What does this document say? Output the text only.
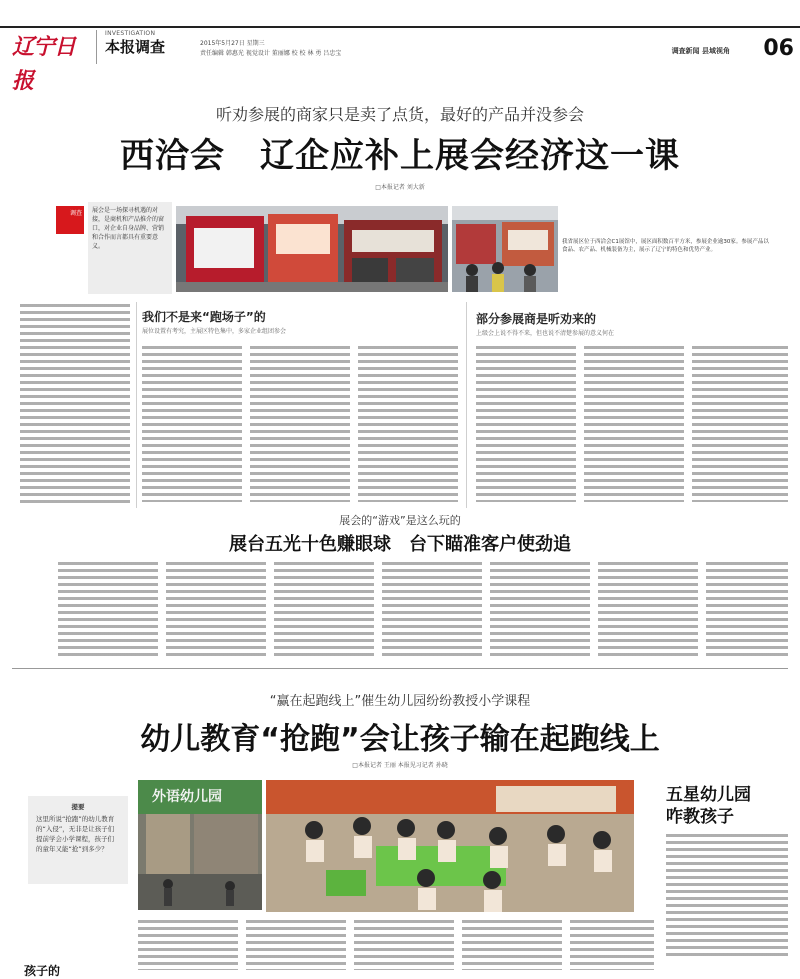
辽宁日报
INVESTIGATION
本报调查	2015年5月27日 星期三
责任编辑 韩惠光 视觉设计 董丽娜 校 校 林 勇 吕忠宝	调查新闻 县域视角 06
听劝参展的商家只是卖了点货，最好的产品并没参会
西洽会　辽企应补上展会经济这一课
□本报记者 刘大新
调查	展会是一场探寻机遇的对接，是商机和产品推介的窗口，对企业自身品牌、营销和合作而言都具有重要意义。
我省展区位于西洽会C1展馆中，展区面积数百平方米，参展企业逾30家。参展产品以食品、农产品、机械装备为主，展示了辽宁的特色和优势产业。
我们不是来“跑场子”的
展位设置有考究，主展区特色集中，多家企业组团参会
部分参展商是听劝来的
上级会上说不得不来，但也说不清楚参展的意义何在
展会的“游戏”是这么玩的
展台五光十色赚眼球　台下瞄准客户使劲追
“赢在起跑线上”催生幼儿园纷纷教授小学课程
幼儿教育“抢跑”会让孩子输在起跑线上
□本报记者 王丽 本报见习记者 孙晓
提要
这里所说“抢跑”的幼儿教育的“入侵”，无非是让孩子们提前学会小学课程，孩子们的童年又能“抢”到多少？
外语幼儿园	五星幼儿园
咋教孩子
孩子的
